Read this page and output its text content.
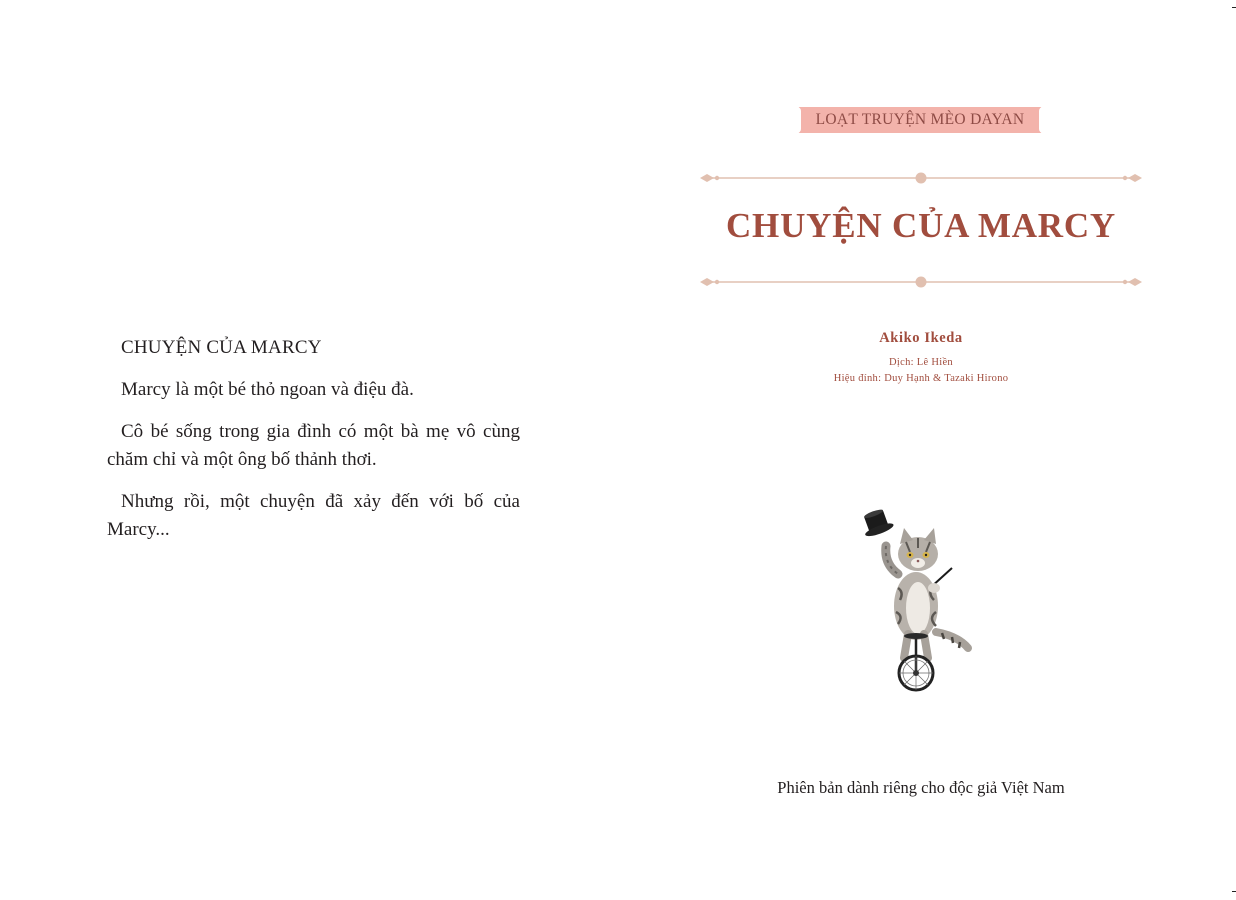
CHUYỆN CỦA MARCY

Marcy là một bé thỏ ngoan và điệu đà.

Cô bé sống trong gia đình có một bà mẹ vô cùng chăm chỉ và một ông bố thảnh thơi.

Nhưng rồi, một chuyện đã xảy đến với bố của Marcy...

LOẠT TRUYỆN MÈO DAYAN
CHUYỆN CỦA MARCY
Akiko Ikeda
Dịch: Lê Hiền
Hiệu đính: Duy Hạnh & Tazaki Hirono
Phiên bản dành riêng cho độc giả Việt Nam
